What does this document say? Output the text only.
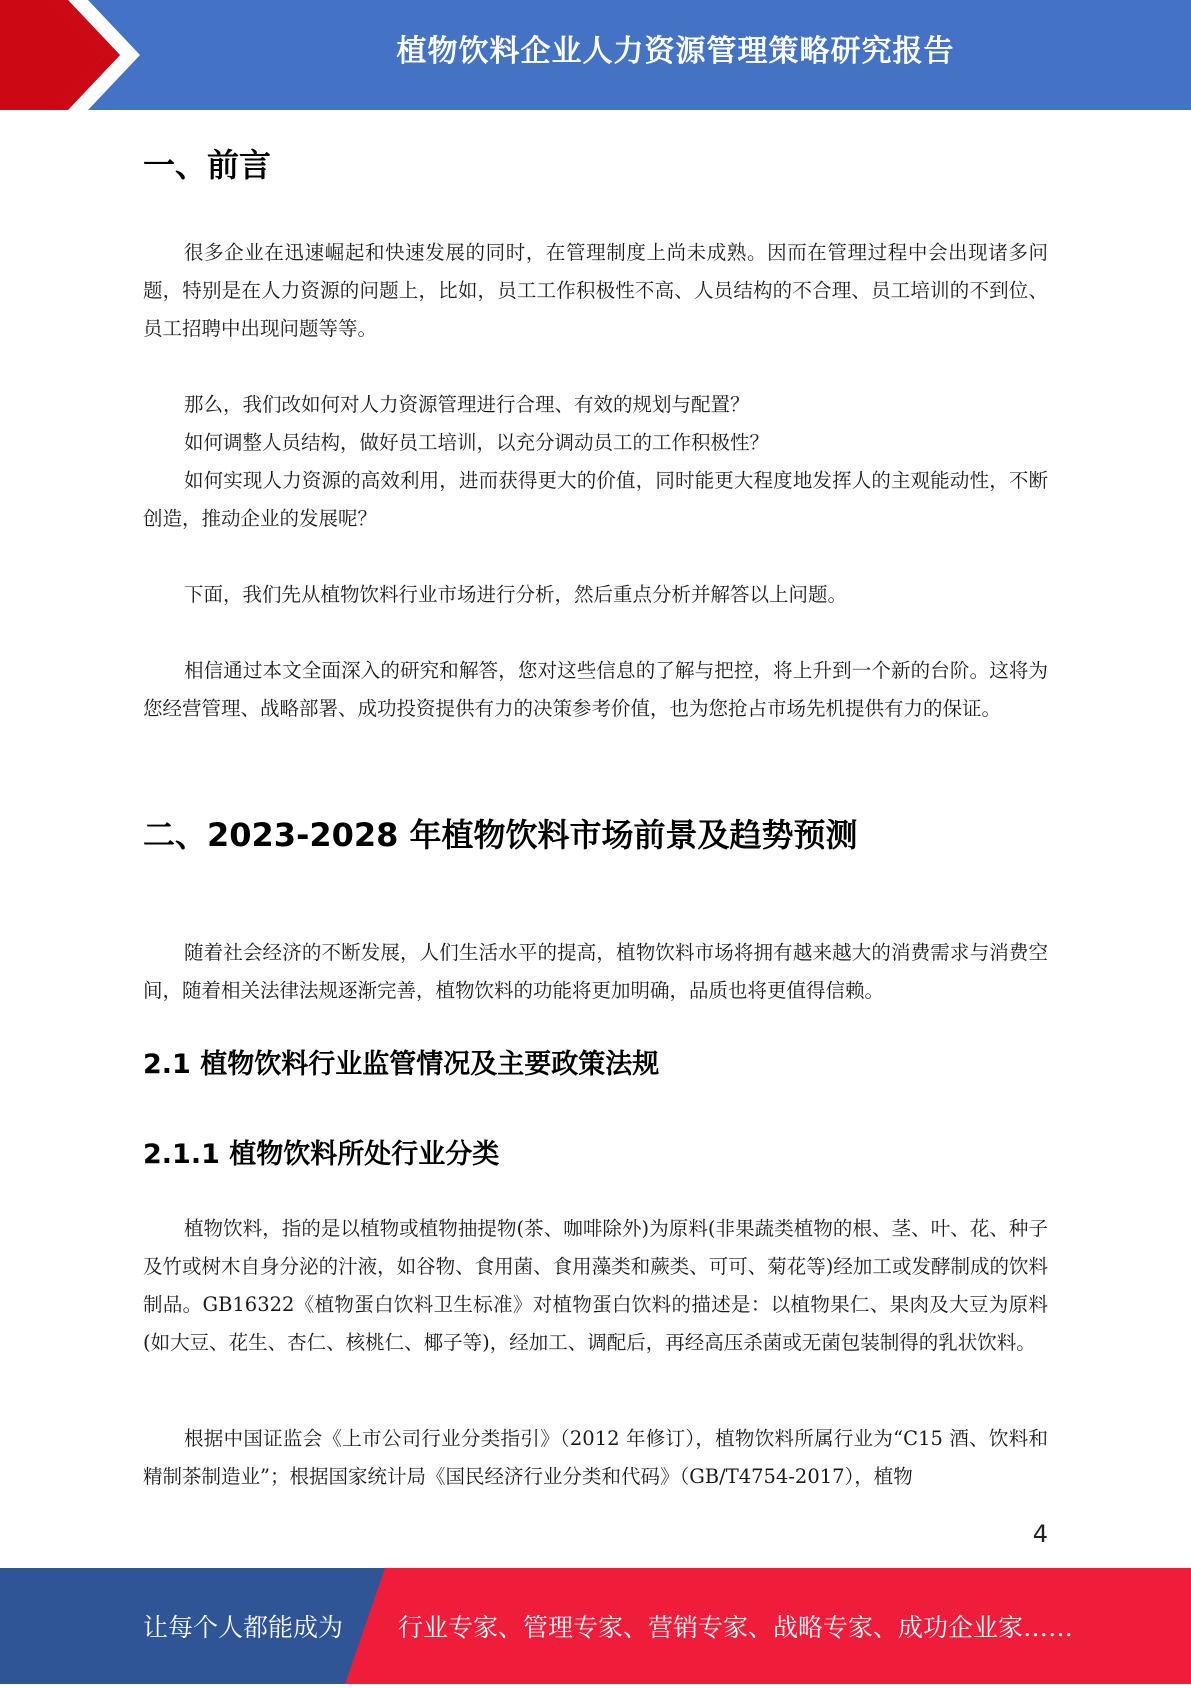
植物饮料企业人力资源管理策略研究报告
一、前言

很多企业在迅速崛起和快速发展的同时，在管理制度上尚未成熟。因而在管理过程中会出现诸多问题，特别是在人力资源的问题上，比如，员工工作积极性不高、人员结构的不合理、员工培训的不到位、员工招聘中出现问题等等。

那么，我们改如何对人力资源管理进行合理、有效的规划与配置？

如何调整人员结构，做好员工培训，以充分调动员工的工作积极性？

如何实现人力资源的高效利用，进而获得更大的价值，同时能更大程度地发挥人的主观能动性，不断创造，推动企业的发展呢？

下面，我们先从植物饮料行业市场进行分析，然后重点分析并解答以上问题。

相信通过本文全面深入的研究和解答，您对这些信息的了解与把控，将上升到一个新的台阶。这将为您经营管理、战略部署、成功投资提供有力的决策参考价值，也为您抢占市场先机提供有力的保证。

二、2023-2028 年植物饮料市场前景及趋势预测

随着社会经济的不断发展，人们生活水平的提高，植物饮料市场将拥有越来越大的消费需求与消费空间，随着相关法律法规逐渐完善，植物饮料的功能将更加明确，品质也将更值得信赖。

2.1 植物饮料行业监管情况及主要政策法规
2.1.1 植物饮料所处行业分类

植物饮料，指的是以植物或植物抽提物(茶、咖啡除外)为原料(非果蔬类植物的根、茎、叶、花、种子及竹或树木自身分泌的汁液，如谷物、食用菌、食用藻类和蕨类、可可、菊花等)经加工或发酵制成的饮料制品。GB16322《植物蛋白饮料卫生标准》对植物蛋白饮料的描述是：以植物果仁、果肉及大豆为原料(如大豆、花生、杏仁、核桃仁、椰子等)，经加工、调配后，再经高压杀菌或无菌包装制得的乳状饮料。

根据中国证监会《上市公司行业分类指引》（2012 年修订），植物饮料所属行业为“C15 酒、饮料和精制茶制造业”；根据国家统计局《国民经济行业分类和代码》（GB/T4754-2017），植物

4
让每个人都能成为 行业专家、管理专家、营销专家、战略专家、成功企业家……
